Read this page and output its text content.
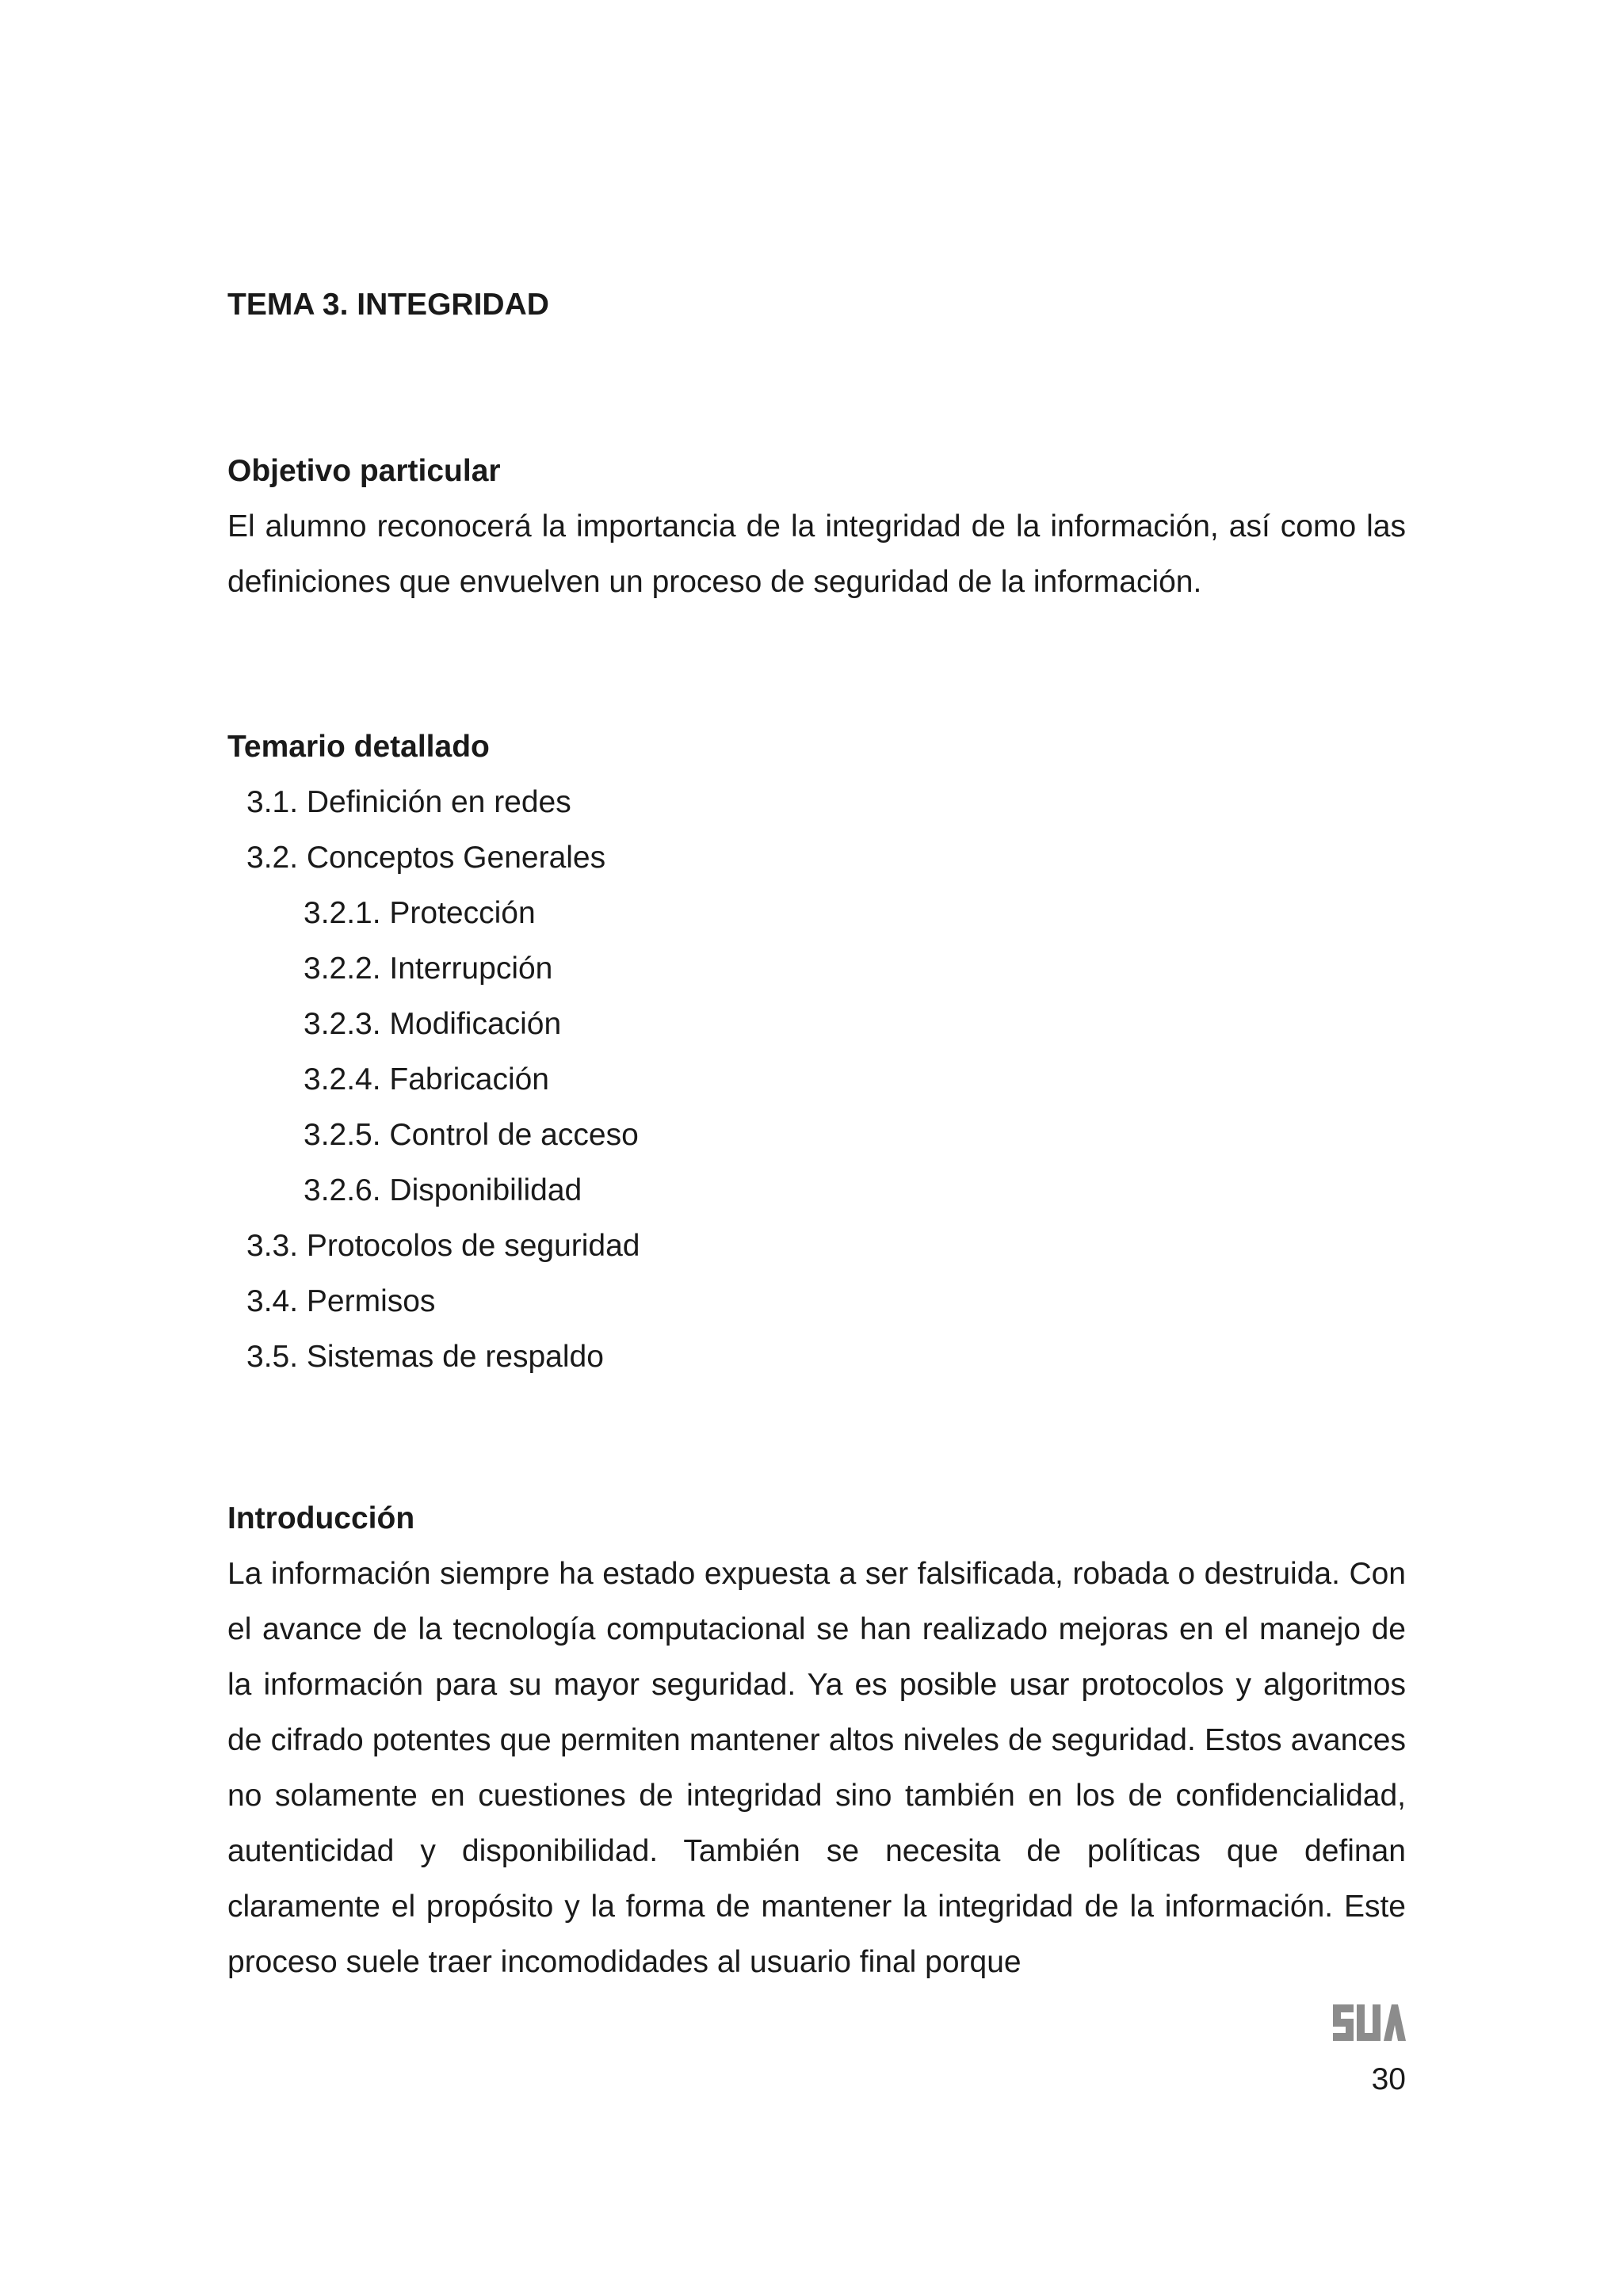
TEMA 3. INTEGRIDAD
Objetivo particular

El alumno reconocerá la importancia de la integridad de la información, así como las definiciones que envuelven un proceso de seguridad de la información.

Temario detallado
3.1. Definición en redes
3.2. Conceptos Generales
3.2.1. Protección
3.2.2. Interrupción
3.2.3. Modificación
3.2.4. Fabricación
3.2.5. Control de acceso
3.2.6. Disponibilidad
3.3. Protocolos de seguridad
3.4. Permisos
3.5. Sistemas de respaldo
Introducción

La información siempre ha estado expuesta a ser falsificada, robada o destruida. Con el avance de la tecnología computacional se han realizado mejoras en el manejo de la información para su mayor seguridad. Ya es posible usar protocolos y algoritmos de cifrado potentes que permiten mantener altos niveles de seguridad. Estos avances no solamente en cuestiones de integridad sino también en los de confidencialidad, autenticidad y disponibilidad. También se necesita de políticas que definan claramente el propósito y la forma de mantener la integridad de la información. Este proceso suele traer incomodidades al usuario final porque

30
